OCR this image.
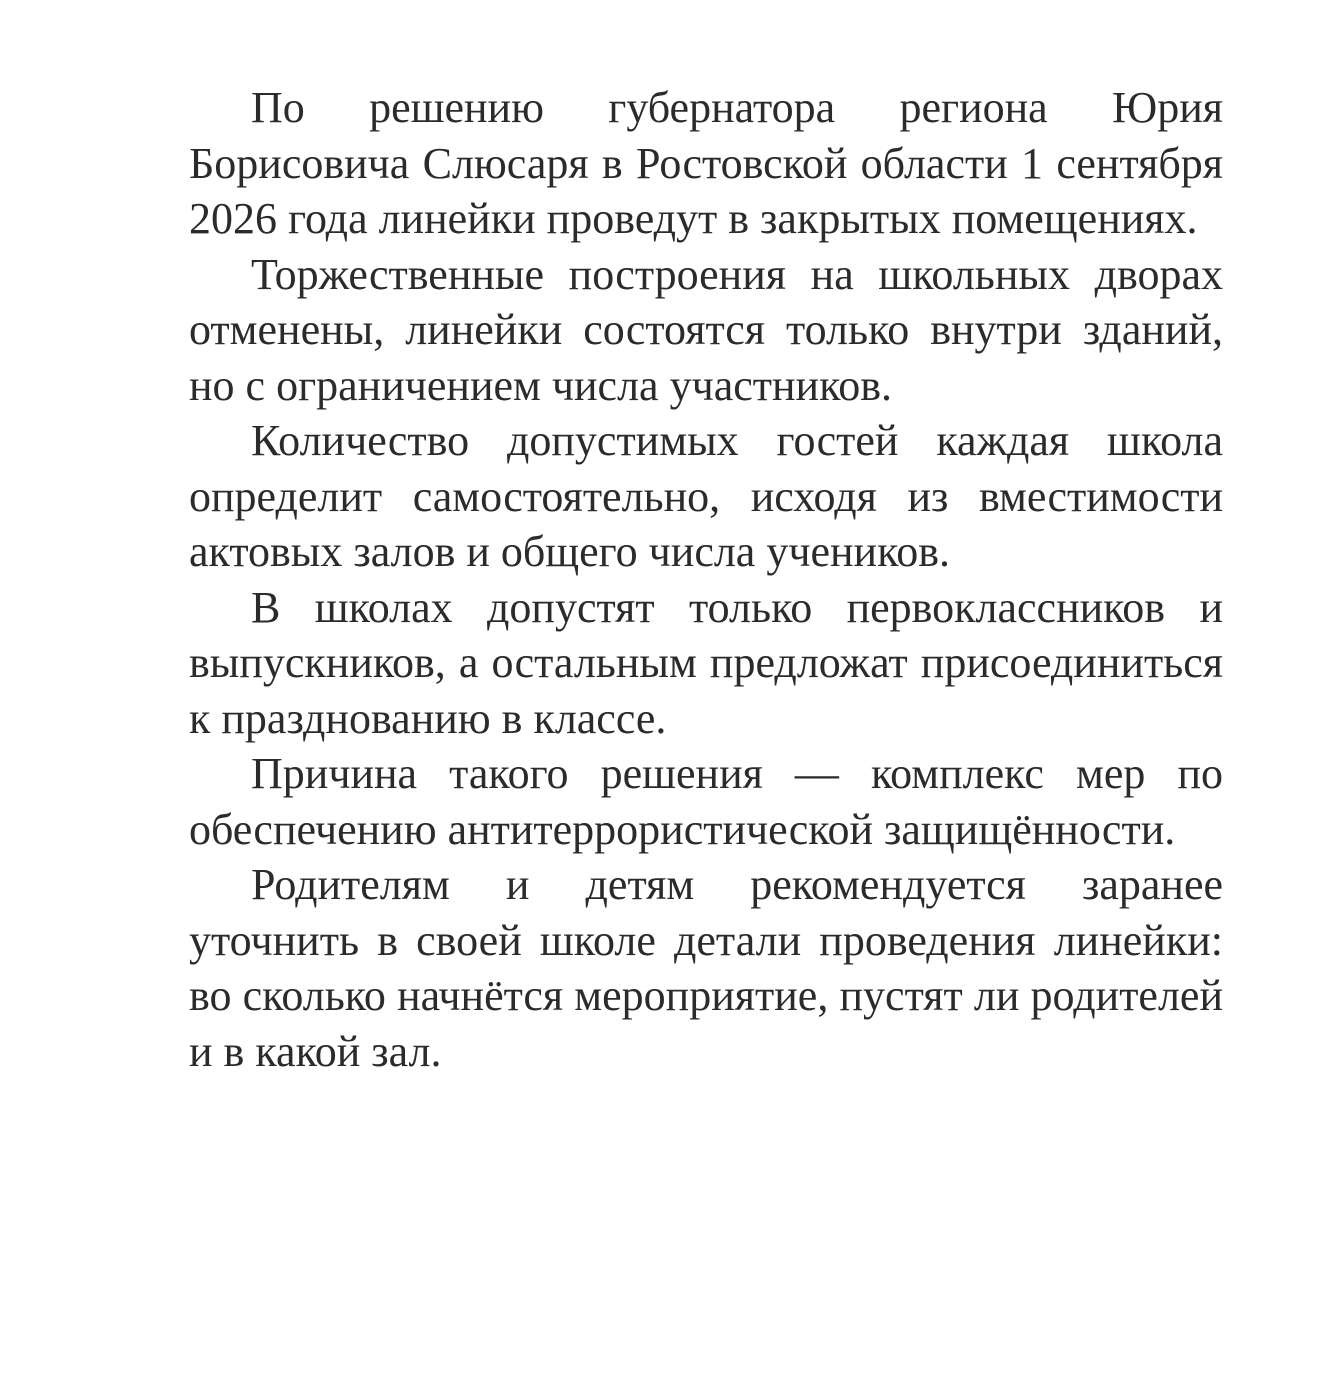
По решению губернатора региона Юрия Борисовича Слюсаря в Ростовской области 1 сентября 2026 года линейки проведут в закрытых помещениях.

Торжественные построения на школьных дворах отменены, линейки состоятся только внутри зданий, но с ограничением числа участников.

Количество допустимых гостей каждая школа определит самостоятельно, исходя из вместимости актовых залов и общего числа учеников.

В школах допустят только первоклассников и выпускников, а остальным предложат присоединиться к празднованию в классе.

Причина такого решения — комплекс мер по обеспечению антитеррористической защищённости.

Родителям и детям рекомендуется заранее уточнить в своей школе детали проведения линейки: во сколько начнётся мероприятие, пустят ли родителей и в какой зал.
